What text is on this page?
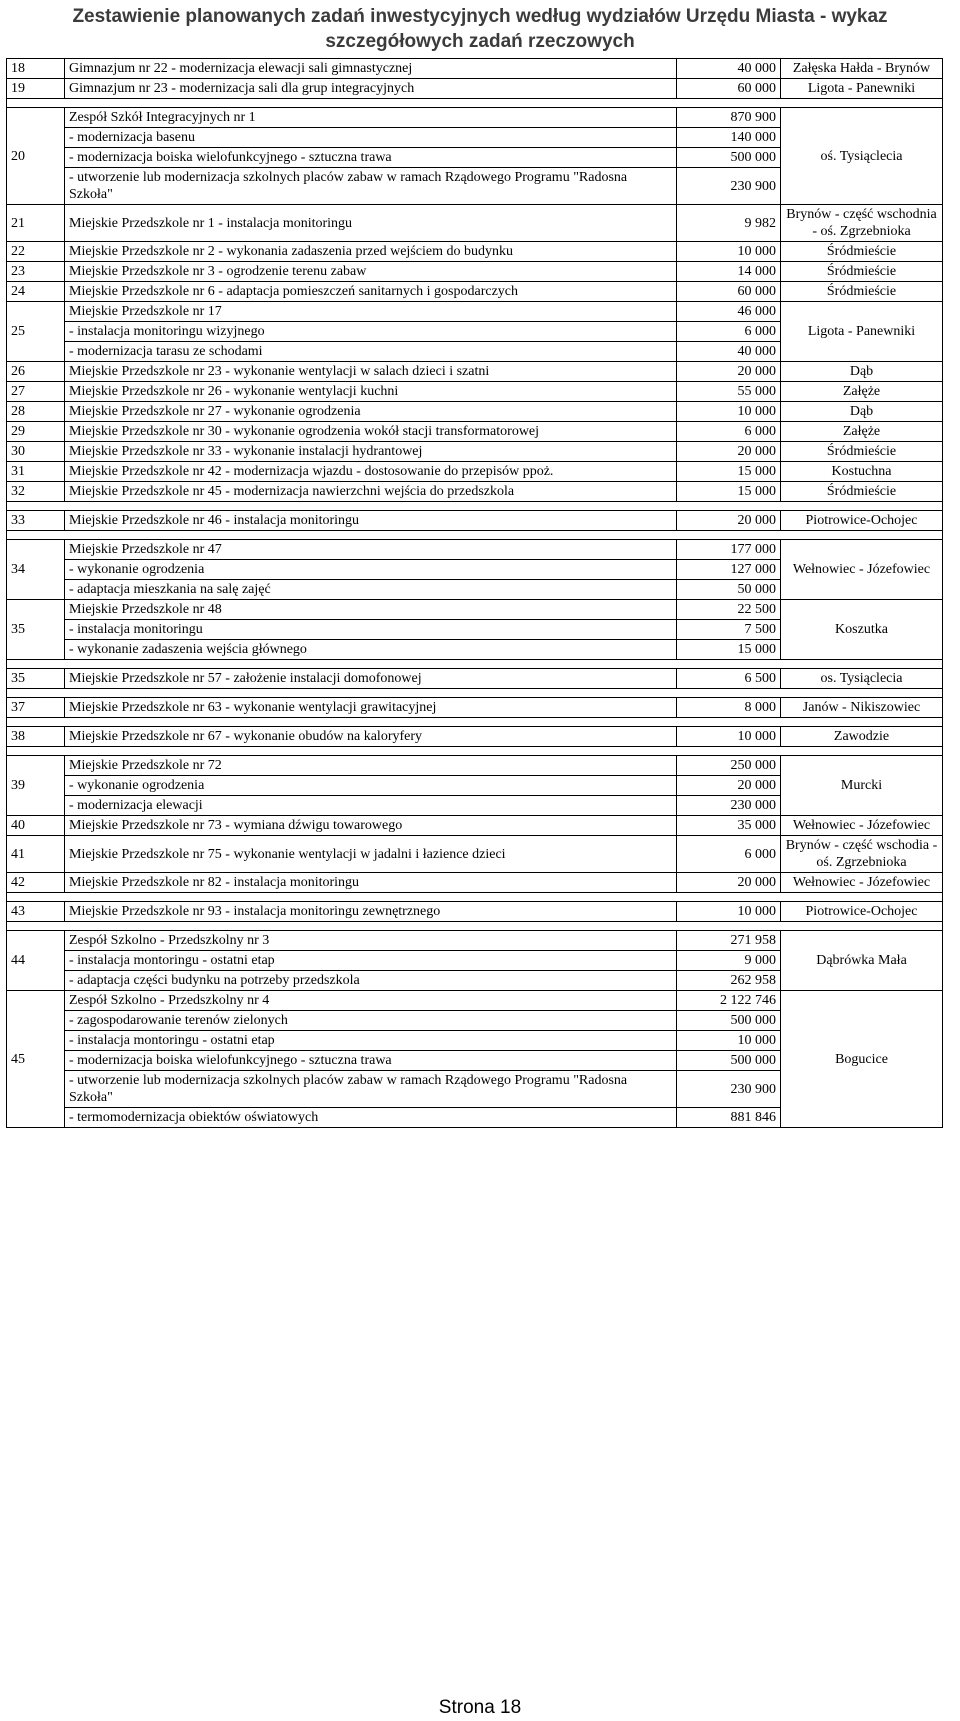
Zestawienie planowanych zadań inwestycyjnych według wydziałów Urzędu Miasta - wykaz szczegółowych zadań rzeczowych
18	Gimnazjum nr 22 - modernizacja elewacji sali gimnastycznej	40 000	Załęska Hałda - Brynów
19	Gimnazjum nr 23 - modernizacja sali dla grup integracyjnych	60 000	Ligota - Panewniki

20	Zespół Szkół Integracyjnych nr 1	870 900	oś. Tysiąclecia
	- modernizacja basenu	140 000	
	- modernizacja boiska wielofunkcyjnego - sztuczna trawa	500 000	
	- utworzenie lub modernizacja szkolnych placów zabaw w ramach Rządowego Programu "Radosna Szkoła"	230 900	
21	Miejskie Przedszkole nr 1 - instalacja monitoringu	9 982	Brynów - część wschodnia - oś. Zgrzebnioka
22	Miejskie Przedszkole nr 2 - wykonania zadaszenia przed wejściem do budynku	10 000	Śródmieście
23	Miejskie Przedszkole nr 3 - ogrodzenie terenu zabaw	14 000	Śródmieście
24	Miejskie Przedszkole nr 6 - adaptacja pomieszczeń sanitarnych i gospodarczych	60 000	Śródmieście
25	Miejskie Przedszkole nr 17	46 000	Ligota - Panewniki
	- instalacja monitoringu wizyjnego	6 000	
	- modernizacja tarasu ze schodami	40 000	
26	Miejskie Przedszkole nr 23 - wykonanie wentylacji w salach dzieci i szatni	20 000	Dąb
27	Miejskie Przedszkole nr 26 - wykonanie wentylacji kuchni	55 000	Załęże
28	Miejskie Przedszkole nr 27 - wykonanie ogrodzenia	10 000	Dąb
29	Miejskie Przedszkole nr 30 - wykonanie ogrodzenia wokół stacji transformatorowej	6 000	Załęże
30	Miejskie Przedszkole nr 33 - wykonanie instalacji hydrantowej	20 000	Śródmieście
31	Miejskie Przedszkole nr 42 - modernizacja wjazdu - dostosowanie do przepisów ppoż.	15 000	Kostuchna
32	Miejskie Przedszkole nr 45 - modernizacja nawierzchni wejścia do przedszkola	15 000	Śródmieście

33	Miejskie Przedszkole nr 46 - instalacja monitoringu	20 000	Piotrowice-Ochojec

34	Miejskie Przedszkole nr 47	177 000	Wełnowiec - Józefowiec
	- wykonanie ogrodzenia	127 000	
	- adaptacja mieszkania na salę zajęć	50 000	
35	Miejskie Przedszkole nr 48	22 500	Koszutka
	- instalacja monitoringu	7 500	
	- wykonanie zadaszenia wejścia głównego	15 000	

35	Miejskie Przedszkole nr 57 - założenie instalacji domofonowej	6 500	os. Tysiąclecia

37	Miejskie Przedszkole nr 63 - wykonanie wentylacji grawitacyjnej	8 000	Janów - Nikiszowiec

38	Miejskie Przedszkole nr 67 - wykonanie obudów na kaloryfery	10 000	Zawodzie

39	Miejskie Przedszkole nr 72	250 000	Murcki
	- wykonanie ogrodzenia	20 000	
	- modernizacja elewacji	230 000	
40	Miejskie Przedszkole nr 73 - wymiana dźwigu towarowego	35 000	Wełnowiec - Józefowiec
41	Miejskie Przedszkole nr 75 - wykonanie wentylacji w jadalni i łazience dzieci	6 000	Brynów - część wschodia - oś. Zgrzebnioka
42	Miejskie Przedszkole nr 82 - instalacja monitoringu	20 000	Wełnowiec - Józefowiec

43	Miejskie Przedszkole nr 93 - instalacja monitoringu zewnętrznego	10 000	Piotrowice-Ochojec

44	Zespół Szkolno - Przedszkolny nr 3	271 958	Dąbrówka Mała
	- instalacja montoringu - ostatni etap	9 000	
	- adaptacja części budynku na potrzeby przedszkola	262 958	
45	Zespół Szkolno - Przedszkolny nr 4	2 122 746	Bogucice
	- zagospodarowanie terenów zielonych	500 000	
	- instalacja montoringu - ostatni etap	10 000	
	- modernizacja boiska wielofunkcyjnego - sztuczna trawa	500 000	
	- utworzenie lub modernizacja szkolnych placów zabaw w ramach Rządowego Programu "Radosna Szkoła"	230 900	
	- termomodernizacja obiektów oświatowych	881 846	
Strona 18
